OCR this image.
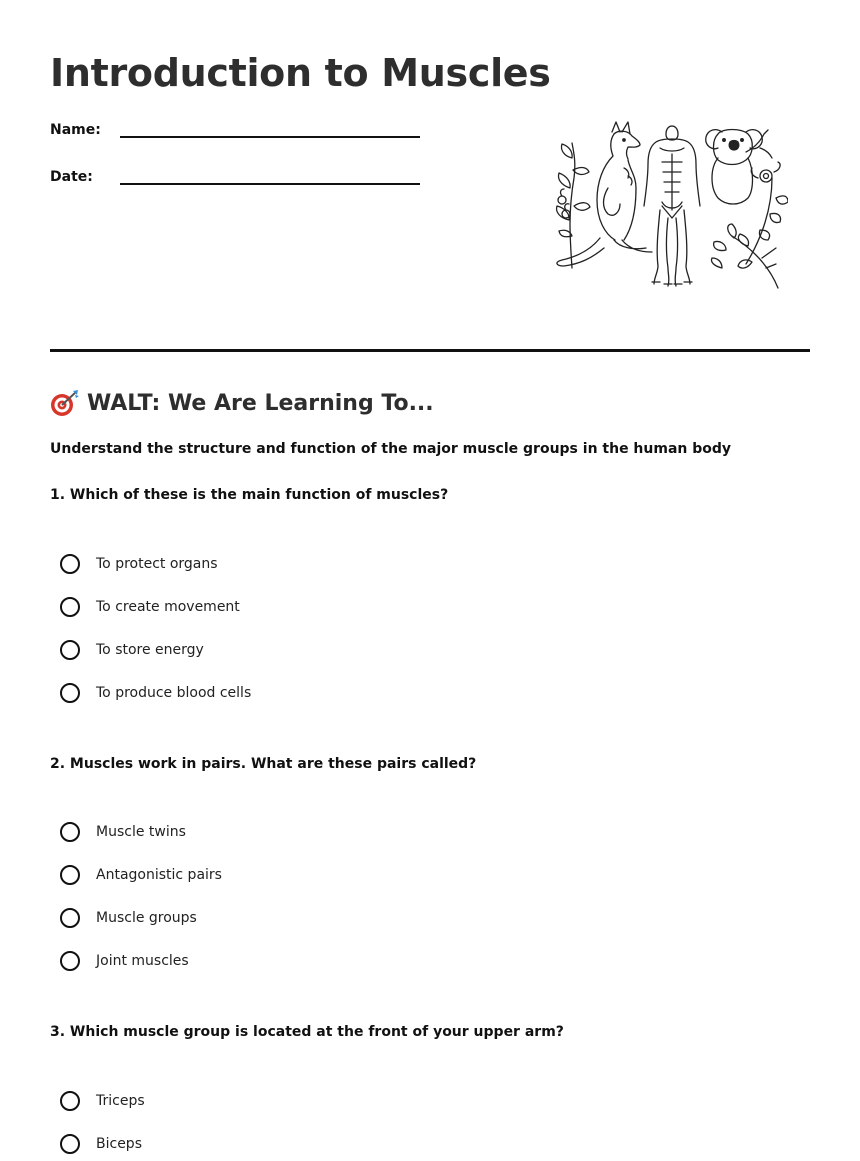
Introduction to Muscles
Name:
Date:
WALT: We Are Learning To...
Understand the structure and function of the major muscle groups in the human body
1. Which of these is the main function of muscles?
To protect organs
To create movement
To store energy
To produce blood cells
2. Muscles work in pairs. What are these pairs called?
Muscle twins
Antagonistic pairs
Muscle groups
Joint muscles
3. Which muscle group is located at the front of your upper arm?
Triceps
Biceps
